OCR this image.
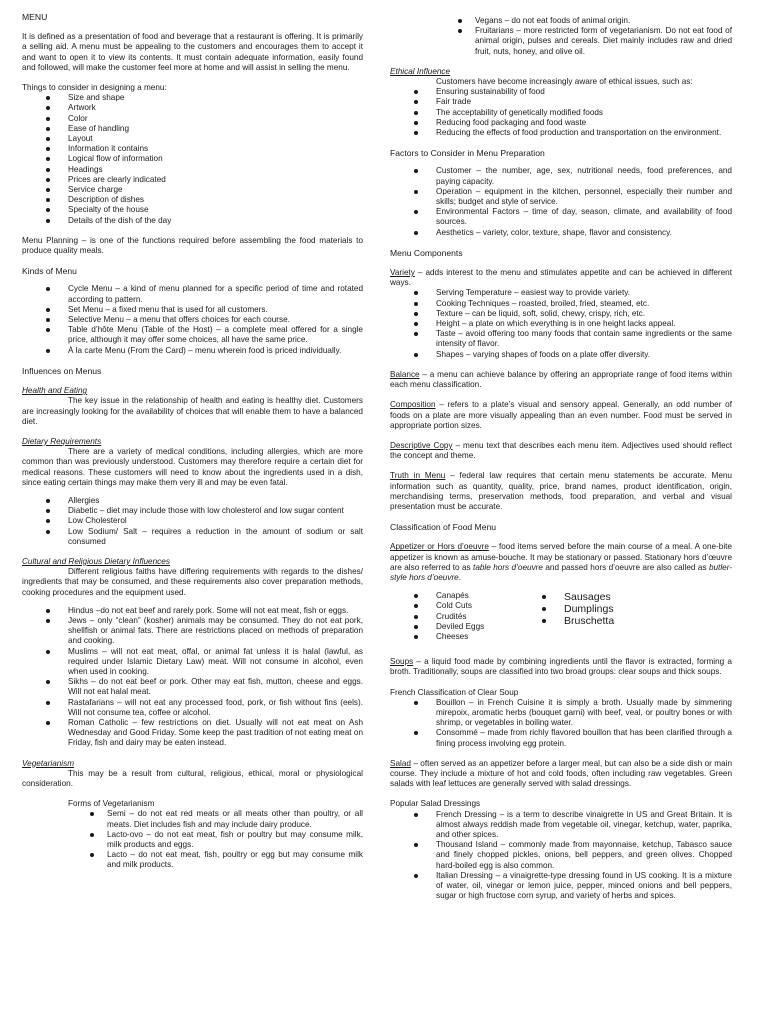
MENU

It is defined as a presentation of food and beverage that a restaurant is offering. It is primarily a selling aid. A menu must be appealing to the customers and encourages them to accept it and want to open it to view its contents. It must contain adequate information, easily found and followed, will make the customer feel more at home and will assist in selling the menu.

Things to consider in designing a menu:
Size and shape
Artwork
Color
Ease of handling
Layout
Information it contains
Logical flow of information
Headings
Prices are clearly indicated
Service charge
Description of dishes
Specialty of the house
Details of the dish of the day

Menu Planning – is one of the functions required before assembling the food materials to produce quality meals.

Kinds of Menu
Cycle Menu – a kind of menu planned for a specific period of time and rotated according to pattern.
Set Menu – a fixed menu that is used for all customers.
Selective Menu – a menu that offers choices for each course.
Table d’hôte Menu (Table of the Host) – a complete meal offered for a single price, although it may offer some choices, all have the same price.
À la carte Menu (From the Card) – menu wherein food is priced individually.
Influences on Menus
Health and Eating

The key issue in the relationship of health and eating is healthy diet. Customers are increasingly looking for the availability of choices that will enable them to have a balanced diet.

Dietary Requirements

There are a variety of medical conditions, including allergies, which are more common than was previously understood. Customers may therefore require a certain diet for medical reasons. These customers will need to know about the ingredients used in a dish, since eating certain things may make them very ill and may be even fatal.

Allergies
Diabetic – diet may include those with low cholesterol and low sugar content
Low Cholesterol
Low Sodium/ Salt – requires a reduction in the amount of sodium or salt consumed
Cultural and Religious Dietary Influences

Different religious faiths have differing requirements with regards to the dishes/ ingredients that may be consumed, and these requirements also cover preparation methods, cooking procedures and the equipment used.

Hindus –do not eat beef and rarely pork. Some will not eat meat, fish or eggs.
Jews – only “clean” (kosher) animals may be consumed. They do not eat pork, shellfish or animal fats. There are restrictions placed on methods of preparation and cooking.
Muslims – will not eat meat, offal, or animal fat unless it is halal (lawful, as required under Islamic Dietary Law) meat. Will not consume in alcohol, even when used in cooking.
Sikhs – do not eat beef or pork. Other may eat fish, mutton, cheese and eggs. Will not eat halal meat.
Rastafarians – will not eat any processed food, pork, or fish without fins (eels). Will not consume tea, coffee or alcohol.
Roman Catholic – few restrictions on diet. Usually will not eat meat on Ash Wednesday and Good Friday. Some keep the past tradition of not eating meat on Friday, fish and dairy may be eaten instead.
Vegetarianism

This may be a result from cultural, religious, ethical, moral or physiological consideration.

Forms of Vegetarianism
Semi – do not eat red meats or all meats other than poultry, or all meats. Diet includes fish and may include dairy produce.
Lacto-ovo – do not eat meat, fish or poultry but may consume milk, milk products and eggs.
Lacto – do not eat meat, fish, poultry or egg but may consume milk and milk products.
Vegans – do not eat foods of animal origin.
Fruitarians – more restricted form of vegetarianism. Do not eat food of animal origin, pulses and cereals. Diet mainly includes raw and dried fruit, nuts, honey, and olive oil.
Ethical Influence

Customers have become increasingly aware of ethical issues, such as:

Ensuring sustainability of food
Fair trade
The acceptability of genetically modified foods
Reducing food packaging and food waste
Reducing the effects of food production and transportation on the environment.
Factors to Consider in Menu Preparation
Customer – the number, age, sex, nutritional needs, food preferences, and paying capacity.
Operation – equipment in the kitchen, personnel, especially their number and skills; budget and style of service.
Environmental Factors – time of day, season, climate, and availability of food sources.
Aesthetics – variety, color, texture, shape, flavor and consistency.
Menu Components

Variety – adds interest to the menu and stimulates appetite and can be achieved in different ways.

Serving Temperature – easiest way to provide variety.
Cooking Techniques – roasted, broiled, fried, steamed, etc.
Texture – can be liquid, soft, solid, chewy, crispy, rich, etc.
Height – a plate on which everything is in one height lacks appeal.
Taste – avoid offering too many foods that contain same ingredients or the same intensity of flavor.
Shapes – varying shapes of foods on a plate offer diversity.

Balance – a menu can achieve balance by offering an appropriate range of food items within each menu classification.

Composition – refers to a plate’s visual and sensory appeal. Generally, an odd number of foods on a plate are more visually appealing than an even number. Food must be served in appropriate portion sizes.

Descriptive Copy – menu text that describes each menu item. Adjectives used should reflect the concept and theme.

Truth in Menu – federal law requires that certain menu statements be accurate. Menu information such as quantity, quality, price, brand names, product identification, origin, merchandising terms, preservation methods, food preparation, and verbal and visual presentation must be accurate.

Classification of Food Menu

Appetizer or Hors d’oeuvre – food items served before the main course of a meal. A one-bite appetizer is known as amuse-bouche. It may be stationary or passed. Stationary hors d’œuvre are also referred to as table hors d’oeuvre and passed hors d’oeuvre are also called as butler-style hors d’oeuvre.

Canapés
Cold Cuts
Crudités
Deviled Eggs
Cheeses
Sausages
Dumplings
Bruschetta

Soups – a liquid food made by combining ingredients until the flavor is extracted, forming a broth. Traditionally, soups are classified into two broad groups: clear soups and thick soups.

French Classification of Clear Soup
Bouillon – in French Cuisine it is simply a broth. Usually made by simmering mirepoix, aromatic herbs (bouquet garni) with beef, veal, or poultry bones or with shrimp, or vegetables in boiling water.
Consommé – made from richly flavored bouillon that has been clarified through a fining process involving egg protein.

Salad – often served as an appetizer before a larger meal, but can also be a side dish or main course. They include a mixture of hot and cold foods, often including raw vegetables. Green salads with leaf lettuces are generally served with salad dressings.

Popular Salad Dressings
French Dressing – is a term to describe vinaigrette in US and Great Britain. It is almost always reddish made from vegetable oil, vinegar, ketchup, water, paprika, and other spices.
Thousand Island – commonly made from mayonnaise, ketchup, Tabasco sauce and finely chopped pickles, onions, bell peppers, and green olives. Chopped hard-boiled egg is also common.
Italian Dressing – a vinaigrette-type dressing found in US cooking. It is a mixture of water, oil, vinegar or lemon juice, pepper, minced onions and bell peppers, sugar or high fructose corn syrup, and variety of herbs and spices.
